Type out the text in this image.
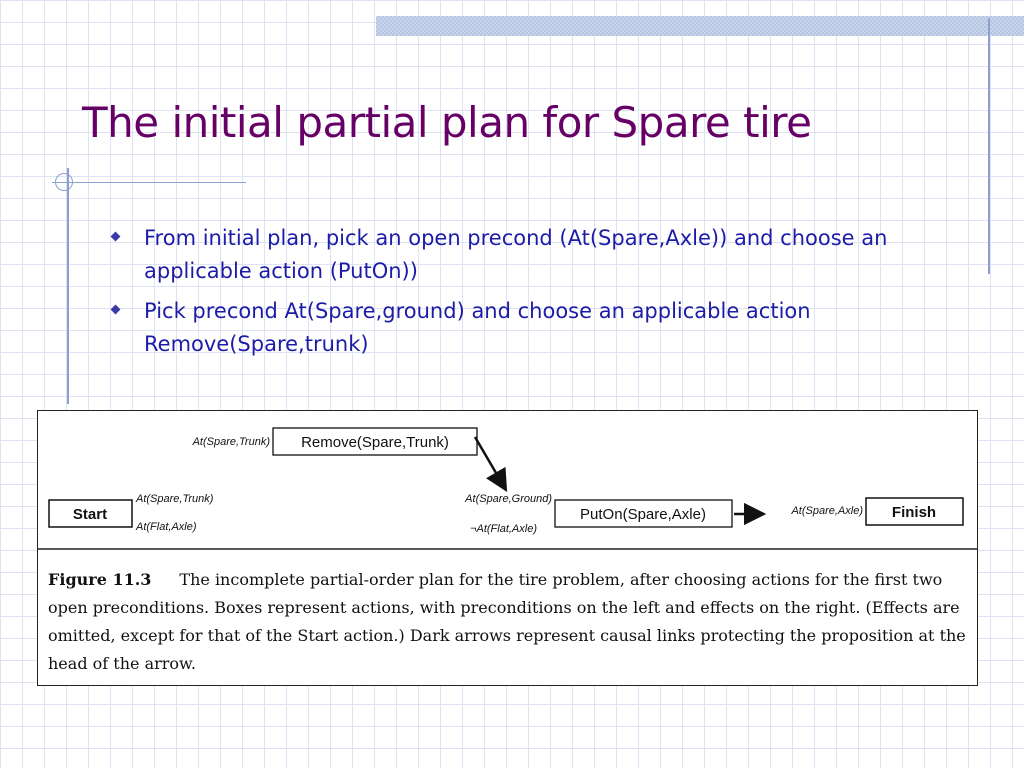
The initial partial plan for Spare tire
From initial plan, pick an open precond (At(Spare,Axle)) and choose an applicable action (PutOn))
Pick precond At(Spare,ground) and choose an applicable action Remove(Spare,trunk)
Remove(Spare,Trunk)
At(Spare,Trunk)
Start
At(Spare,Trunk)
At(Flat,Axle)
PutOn(Spare,Axle)
At(Spare,Ground)
¬At(Flat,Axle)
Finish
At(Spare,Axle)

Figure 11.3 The incomplete partial-order plan for the tire problem, after choosing actions for the first two open preconditions. Boxes represent actions, with preconditions on the left and effects on the right. (Effects are omitted, except for that of the Start action.) Dark arrows represent causal links protecting the proposition at the head of the arrow.
